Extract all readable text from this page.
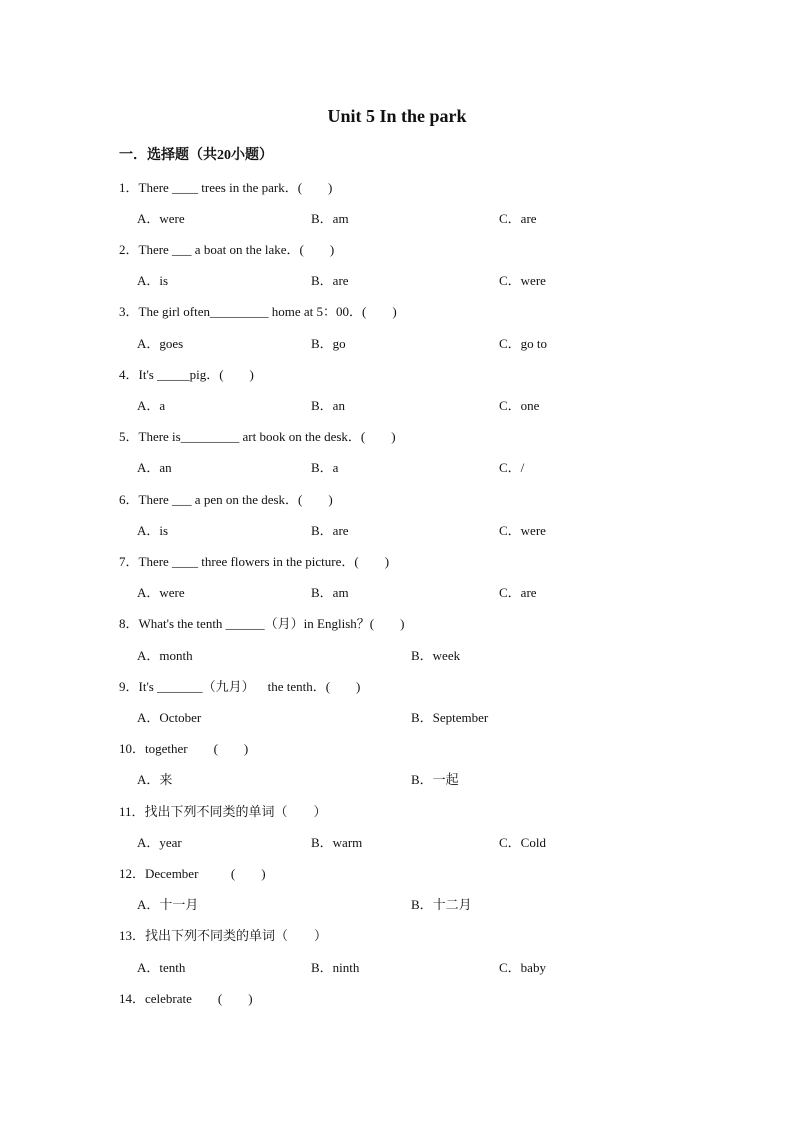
Unit 5 In the park
一．选择题（共20小题）
1．There ____ trees in the park．(        )
A．were	B．am	C．are
2．There ___ a boat on the lake．(        )
A．is	B．are	C．were
3．The girl often_________ home at 5：00．(        )
A．goes	B．go	C．go to
4．It's _____pig．(        )
A．a	B．an	C．one
5．There is_________ art book on the desk．(        )
A．an	B．a	C．/
6．There ___ a pen on the desk．(        )
A．is	B．are	C．were
7．There ____ three flowers in the picture．(        )
A．were	B．am	C．are
8．What's the tenth ______（月）in English？(        )
A．month	B．week
9．It's _______（九月）    the tenth．(        )
A．October	B．September
10．together        (        )
A．来	B．一起
11．找出下列不同类的单词（        ）
A．year	B．warm	C．Cold
12．December          (        )
A．十一月	B．十二月
13．找出下列不同类的单词（        ）
A．tenth	B．ninth	C．baby
14．celebrate        (        )
